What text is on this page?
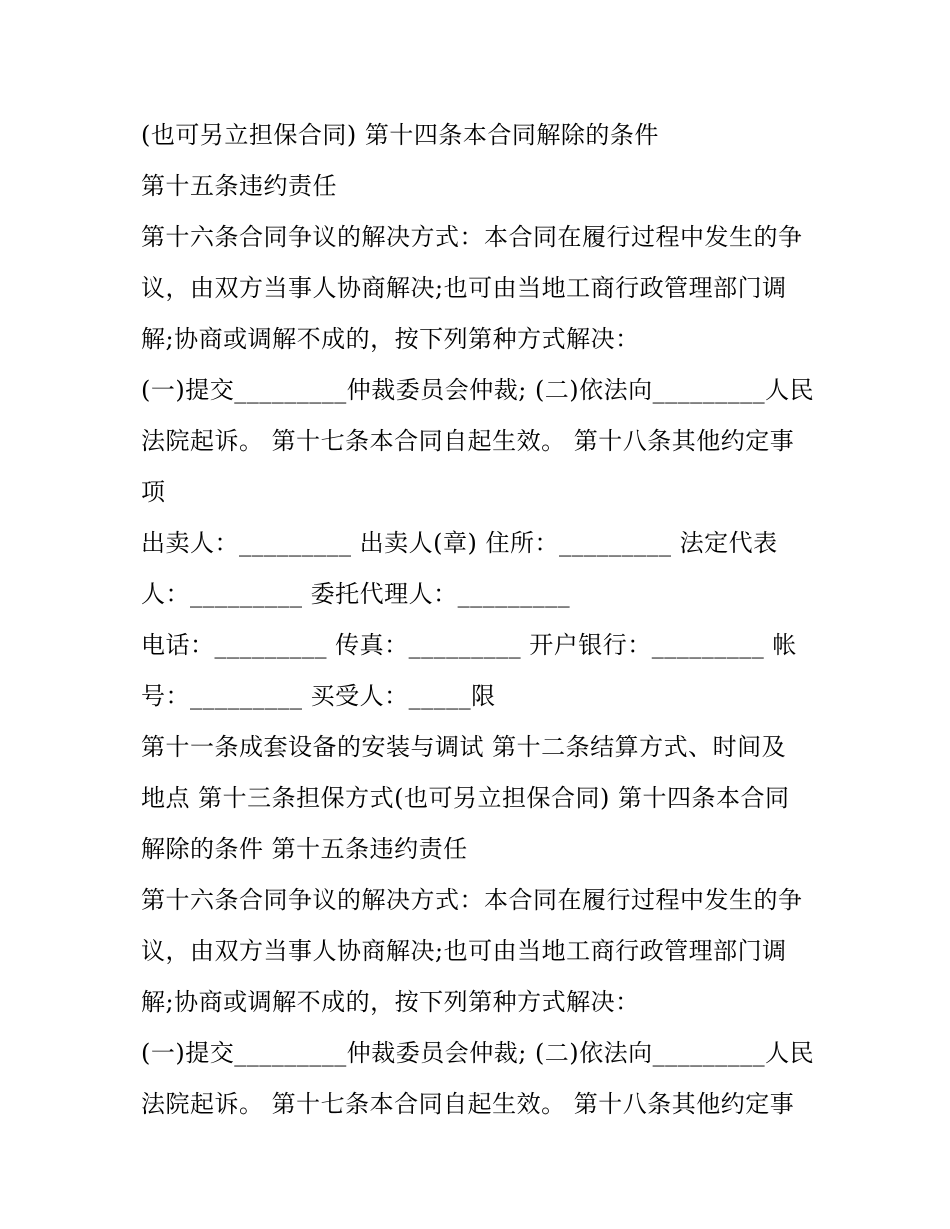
(也可另立担保合同) 第十四条本合同解除的条件
第十五条违约责任
第十六条合同争议的解决方式：本合同在履行过程中发生的争
议，由双方当事人协商解决;也可由当地工商行政管理部门调
解;协商或调解不成的，按下列第种方式解决：
(一)提交_________仲裁委员会仲裁; (二)依法向_________人民
法院起诉。 第十七条本合同自起生效。 第十八条其他约定事
项
出卖人：_________ 出卖人(章) 住所：_________ 法定代表
人：_________ 委托代理人：_________
电话：_________ 传真：_________ 开户银行：_________ 帐
号：_________ 买受人：_____限
第十一条成套设备的安装与调试 第十二条结算方式、时间及
地点 第十三条担保方式(也可另立担保合同) 第十四条本合同
解除的条件 第十五条违约责任
第十六条合同争议的解决方式：本合同在履行过程中发生的争
议，由双方当事人协商解决;也可由当地工商行政管理部门调
解;协商或调解不成的，按下列第种方式解决：
(一)提交_________仲裁委员会仲裁; (二)依法向_________人民
法院起诉。 第十七条本合同自起生效。 第十八条其他约定事
